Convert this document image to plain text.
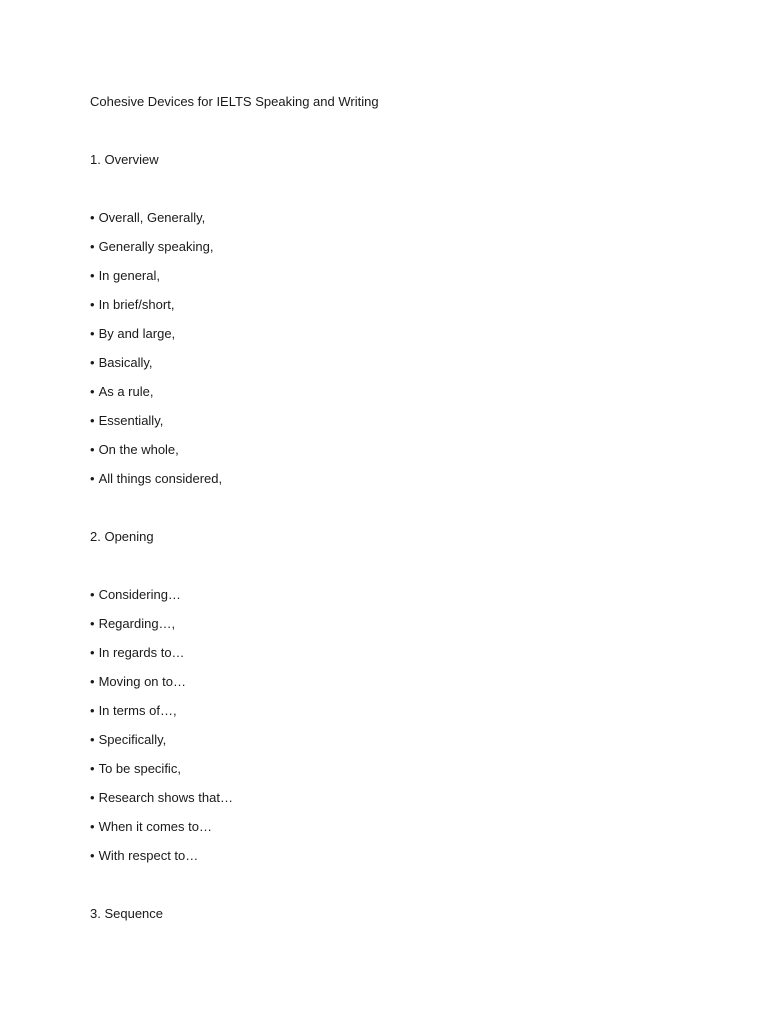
Cohesive Devices for IELTS Speaking and Writing
1. Overview
• Overall, Generally,
• Generally speaking,
• In general,
• In brief/short,
• By and large,
• Basically,
• As a rule,
• Essentially,
• On the whole,
• All things considered,
2. Opening
• Considering…
• Regarding…,
• In regards to…
• Moving on to…
• In terms of…,
• Specifically,
• To be specific,
• Research shows that…
• When it comes to…
• With respect to…
3. Sequence
